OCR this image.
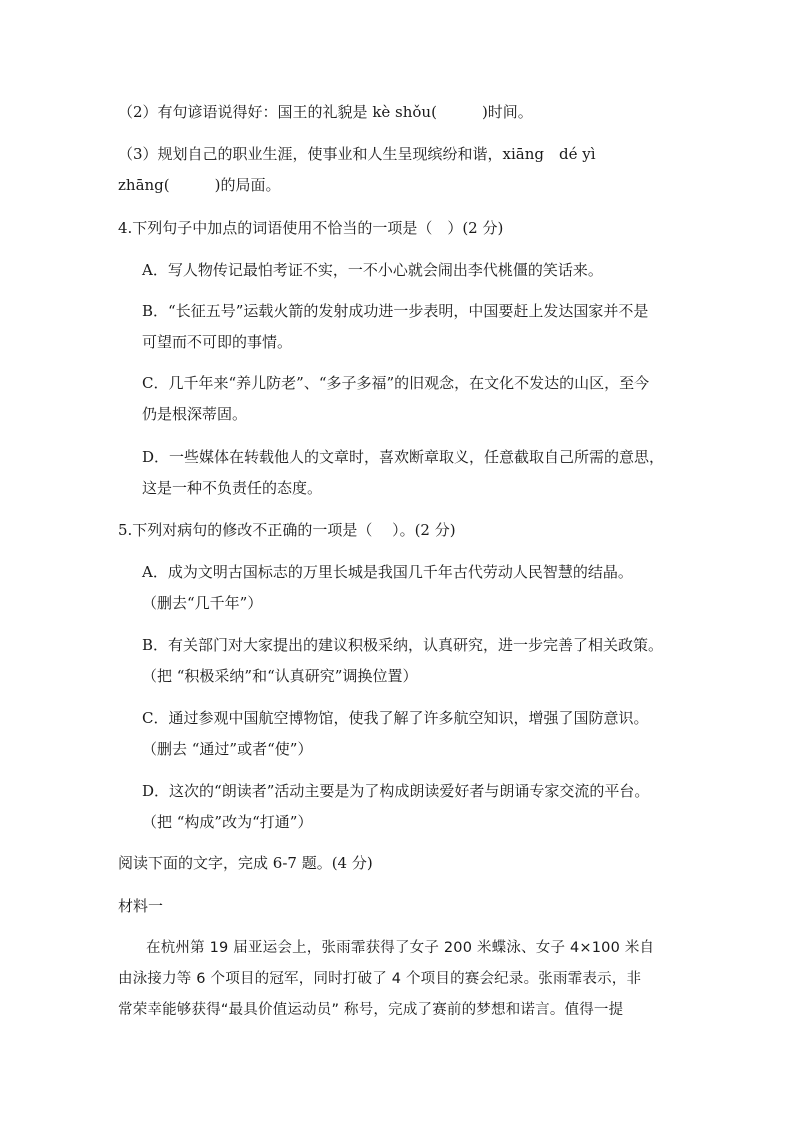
（2）有句谚语说得好：国王的礼貌是 kè shǒu(　　　)时间。
（3）规划自己的职业生涯，使事业和人生呈现缤纷和谐，xiāng　dé yì
zhāng(　　　)的局面。
4.下列句子中加点的词语使用不恰当的一项是（　）(2 分)
A．写人物传记最怕考证不实，一不小心就会闹出李代桃僵的笑话来。
B．“长征五号”运载火箭的发射成功进一步表明，中国要赶上发达国家并不是
可望而不可即的事情。
C．几千年来“养儿防老”、“多子多福”的旧观念，在文化不发达的山区，至今
仍是根深蒂固。
D．一些媒体在转载他人的文章时，喜欢断章取义，任意截取自己所需的意思，
这是一种不负责任的态度。
5.下列对病句的修改不正确的一项是（　 ）。(2 分)
A．成为文明古国标志的万里长城是我国几千年古代劳动人民智慧的结晶。
（删去“几千年”）
B．有关部门对大家提出的建议积极采纳，认真研究，进一步完善了相关政策。
（把 “积极采纳”和“认真研究”调换位置）
C．通过参观中国航空博物馆，使我了解了许多航空知识，增强了国防意识。
（删去 “通过”或者“使”）
D．这次的“朗读者”活动主要是为了构成朗读爱好者与朗诵专家交流的平台。
（把 “构成”改为“打通”）
阅读下面的文字，完成 6-7 题。(4 分)
材料一
在杭州第 19 届亚运会上，张雨霏获得了女子 200 米蝶泳、女子 4×100 米自
由泳接力等 6 个项目的冠军，同时打破了 4 个项目的赛会纪录。张雨霏表示，非
常荣幸能够获得“最具价值运动员” 称号，完成了赛前的梦想和诺言。值得一提
